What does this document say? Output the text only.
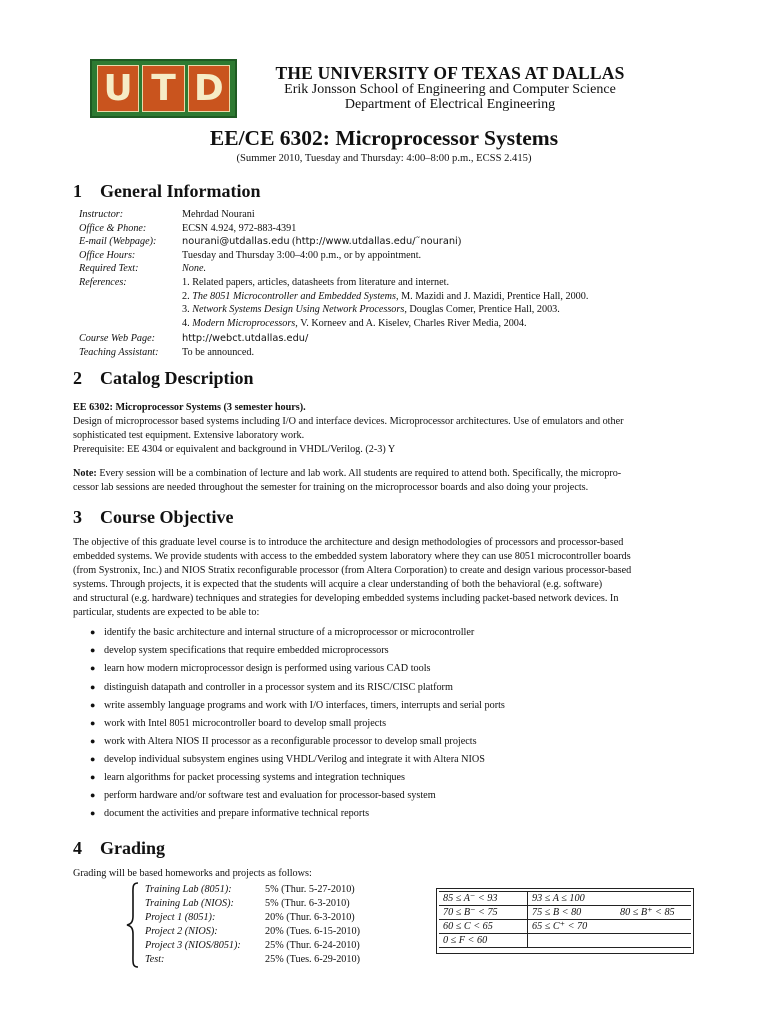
U T D	THE UNIVERSITY OF TEXAS AT DALLAS
Erik Jonsson School of Engineering and Computer Science
Department of Electrical Engineering
EE/CE 6302: Microprocessor Systems
(Summer 2010, Tuesday and Thursday: 4:00–8:00 p.m., ECSS 2.415)
1	General Information
Instructor:	Mehrdad Nourani
Office & Phone:	ECSN 4.924, 972-883-4391
E-mail (Webpage):	nourani@utdallas.edu (http://www.utdallas.edu/˜nourani)
Office Hours:	Tuesday and Thursday 3:00–4:00 p.m., or by appointment.
Required Text:	None.
References:	1. Related papers, articles, datasheets from literature and internet.
2. The 8051 Microcontroller and Embedded Systems, M. Mazidi and J. Mazidi, Prentice Hall, 2000.
3. Network Systems Design Using Network Processors, Douglas Comer, Prentice Hall, 2003.
4. Modern Microprocessors, V. Korneev and A. Kiselev, Charles River Media, 2004.
Course Web Page:	http://webct.utdallas.edu/
Teaching Assistant: To be announced.
2	Catalog Description
EE 6302: Microprocessor Systems (3 semester hours).
Design of microprocessor based systems including I/O and interface devices. Microprocessor architectures. Use of emulators and other
sophisticated test equipment. Extensive laboratory work.
Prerequisite: EE 4304 or equivalent and background in VHDL/Verilog. (2-3) Y
Note: Every session will be a combination of lecture and lab work. All students are required to attend both. Specifically, the micropro-
cessor lab sessions are needed throughout the semester for training on the microprocessor boards and also doing your projects.
3	Course Objective
The objective of this graduate level course is to introduce the architecture and design methodologies of processors and processor-based
embedded systems. We provide students with access to the embedded system laboratory where they can use 8051 microcontroller boards
(from Systronix, Inc.) and NIOS Stratix reconfigurable processor (from Altera Corporation) to create and design various processor-based
systems. Through projects, it is expected that the students will acquire a clear understanding of both the behavioral (e.g. software)
and structural (e.g. hardware) techniques and strategies for developing embedded systems including packet-based network devices. In
particular, students are expected to be able to:
● identify the basic architecture and internal structure of a microprocessor or microcontroller
● develop system specifications that require embedded microprocessors
● learn how modern microprocessor design is performed using various CAD tools
● distinguish datapath and controller in a processor system and its RISC/CISC platform
● write assembly language programs and work with I/O interfaces, timers, interrupts and serial ports
● work with Intel 8051 microcontroller board to develop small projects
● work with Altera NIOS II processor as a reconfigurable processor to develop small projects
● develop individual subsystem engines using VHDL/Verilog and integrate it with Altera NIOS
● learn algorithms for packet processing systems and integration techniques
● perform hardware and/or software test and evaluation for processor-based system
● document the activities and prepare informative technical reports
4	Grading
Grading will be based homeworks and projects as follows:
Training Lab (8051):	5% (Thur. 5-27-2010)
Training Lab (NIOS):	5% (Thur. 6-3-2010)
Project 1 (8051):	20% (Thur. 6-3-2010)
Project 2 (NIOS):	20% (Tues. 6-15-2010)
Project 3 (NIOS/8051): 25% (Thur. 6-24-2010)
Test:	25% (Tues. 6-29-2010)
85 ≤ A⁻ < 93	93 ≤ A ≤ 100	
70 ≤ B⁻ < 75	75 ≤ B < 80	80 ≤ B⁺ < 85
60 ≤ C < 65	65 ≤ C⁺ < 70	
0 ≤ F < 60		
